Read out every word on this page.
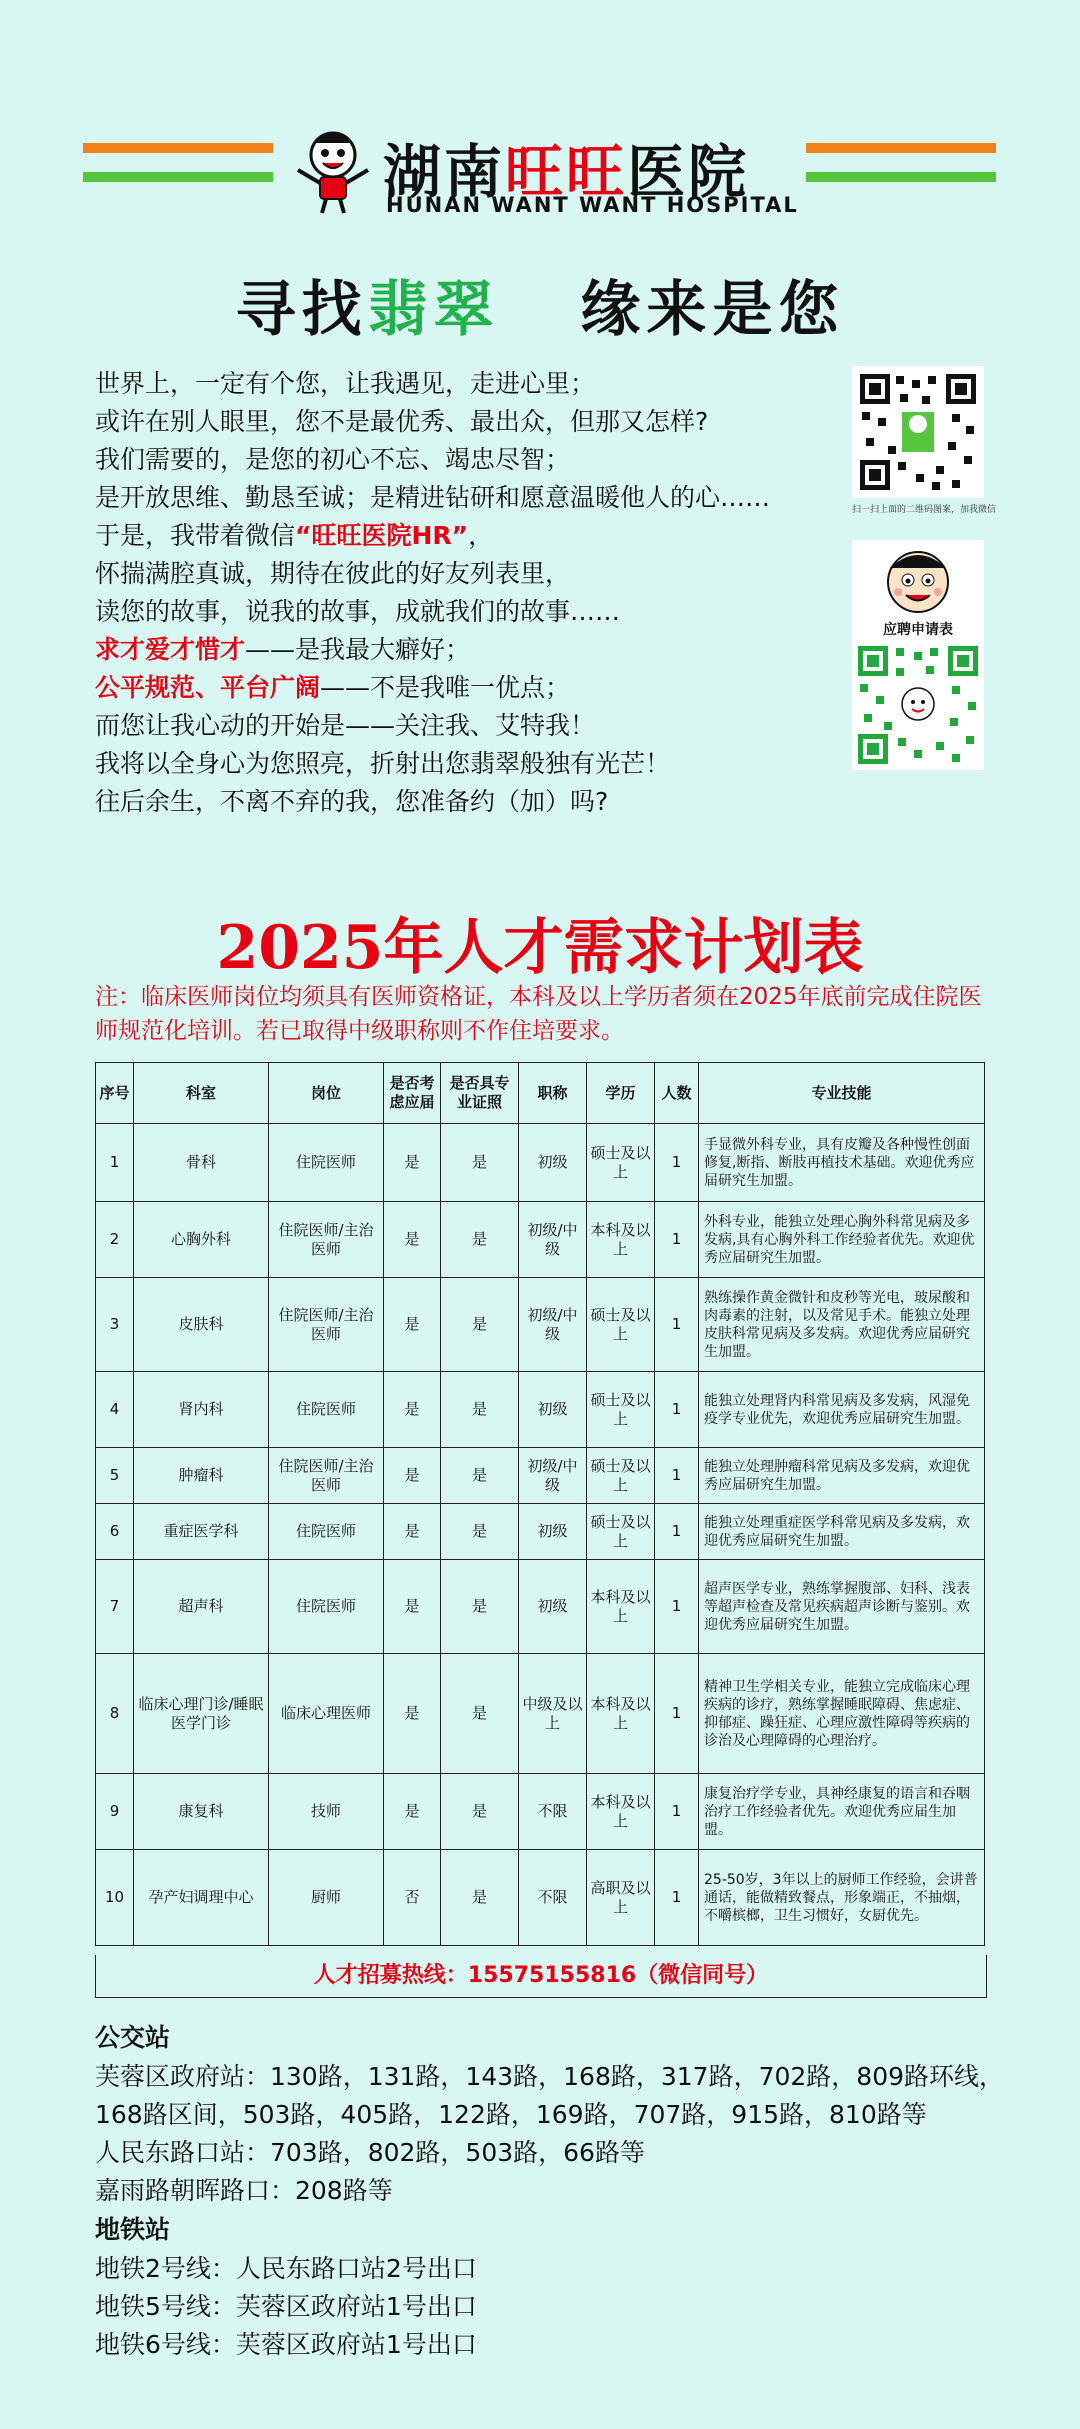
湖南旺旺医院
HUNAN WANT WANT HOSPITAL
寻找翡翠 缘来是您
世界上，一定有个您，让我遇见，走进心里；
或许在别人眼里，您不是最优秀、最出众，但那又怎样?
我们需要的，是您的初心不忘、竭忠尽智；
是开放思维、勤恳至诚；是精进钻研和愿意温暖他人的心……
于是，我带着微信“旺旺医院HR”，
怀揣满腔真诚，期待在彼此的好友列表里，
读您的故事，说我的故事，成就我们的故事……
求才爱才惜才——是我最大癖好；
公平规范、平台广阔——不是我唯一优点；
而您让我心动的开始是——关注我、艾特我！
我将以全身心为您照亮，折射出您翡翠般独有光芒！
往后余生，不离不弃的我，您准备约（加）吗?
扫一扫上面的二维码图案，加我微信
应聘申请表
2025年人才需求计划表
注：临床医师岗位均须具有医师资格证，本科及以上学历者须在2025年底前完成住院医师规范化培训。若已取得中级职称则不作住培要求。
序号	科室	岗位	是否考虑应届	是否具专业证照	职称	学历	人数	专业技能
1	骨科	住院医师	是	是	初级	硕士及以上	1	手显微外科专业，具有皮瓣及各种慢性创面修复,断指、断肢再植技术基础。欢迎优秀应届研究生加盟。
2	心胸外科	住院医师/主治医师	是	是	初级/中级	本科及以上	1	外科专业，能独立处理心胸外科常见病及多发病,具有心胸外科工作经验者优先。欢迎优秀应届研究生加盟。
3	皮肤科	住院医师/主治医师	是	是	初级/中级	硕士及以上	1	熟练操作黄金微针和皮秒等光电，玻尿酸和肉毒素的注射，以及常见手术。能独立处理皮肤科常见病及多发病。欢迎优秀应届研究生加盟。
4	肾内科	住院医师	是	是	初级	硕士及以上	1	能独立处理肾内科常见病及多发病，风湿免疫学专业优先，欢迎优秀应届研究生加盟。
5	肿瘤科	住院医师/主治医师	是	是	初级/中级	硕士及以上	1	能独立处理肿瘤科常见病及多发病，欢迎优秀应届研究生加盟。
6	重症医学科	住院医师	是	是	初级	硕士及以上	1	能独立处理重症医学科常见病及多发病，欢迎优秀应届研究生加盟。
7	超声科	住院医师	是	是	初级	本科及以上	1	超声医学专业，熟练掌握腹部、妇科、浅表等超声检查及常见疾病超声诊断与鉴别。欢迎优秀应届研究生加盟。
8	临床心理门诊/睡眠医学门诊	临床心理医师	是	是	中级及以上	本科及以上	1	精神卫生学相关专业，能独立完成临床心理疾病的诊疗，熟练掌握睡眠障碍、焦虑症、抑郁症、躁狂症、心理应激性障碍等疾病的诊治及心理障碍的心理治疗。
9	康复科	技师	是	是	不限	本科及以上	1	康复治疗学专业，具神经康复的语言和吞咽治疗工作经验者优先。欢迎优秀应届生加盟。
10	孕产妇调理中心	厨师	否	是	不限	高职及以上	1	25-50岁，3年以上的厨师工作经验，会讲普通话，能做精致餐点，形象端正，不抽烟，不嚼槟榔，卫生习惯好，女厨优先。
人才招募热线：15575155816（微信同号）
公交站
芙蓉区政府站：130路，131路，143路，168路，317路，702路，809路环线，
168路区间，503路，405路，122路，169路，707路，915路，810路等
人民东路口站：703路，802路，503路，66路等
嘉雨路朝晖路口：208路等
地铁站
地铁2号线：人民东路口站2号出口
地铁5号线：芙蓉区政府站1号出口
地铁6号线：芙蓉区政府站1号出口
